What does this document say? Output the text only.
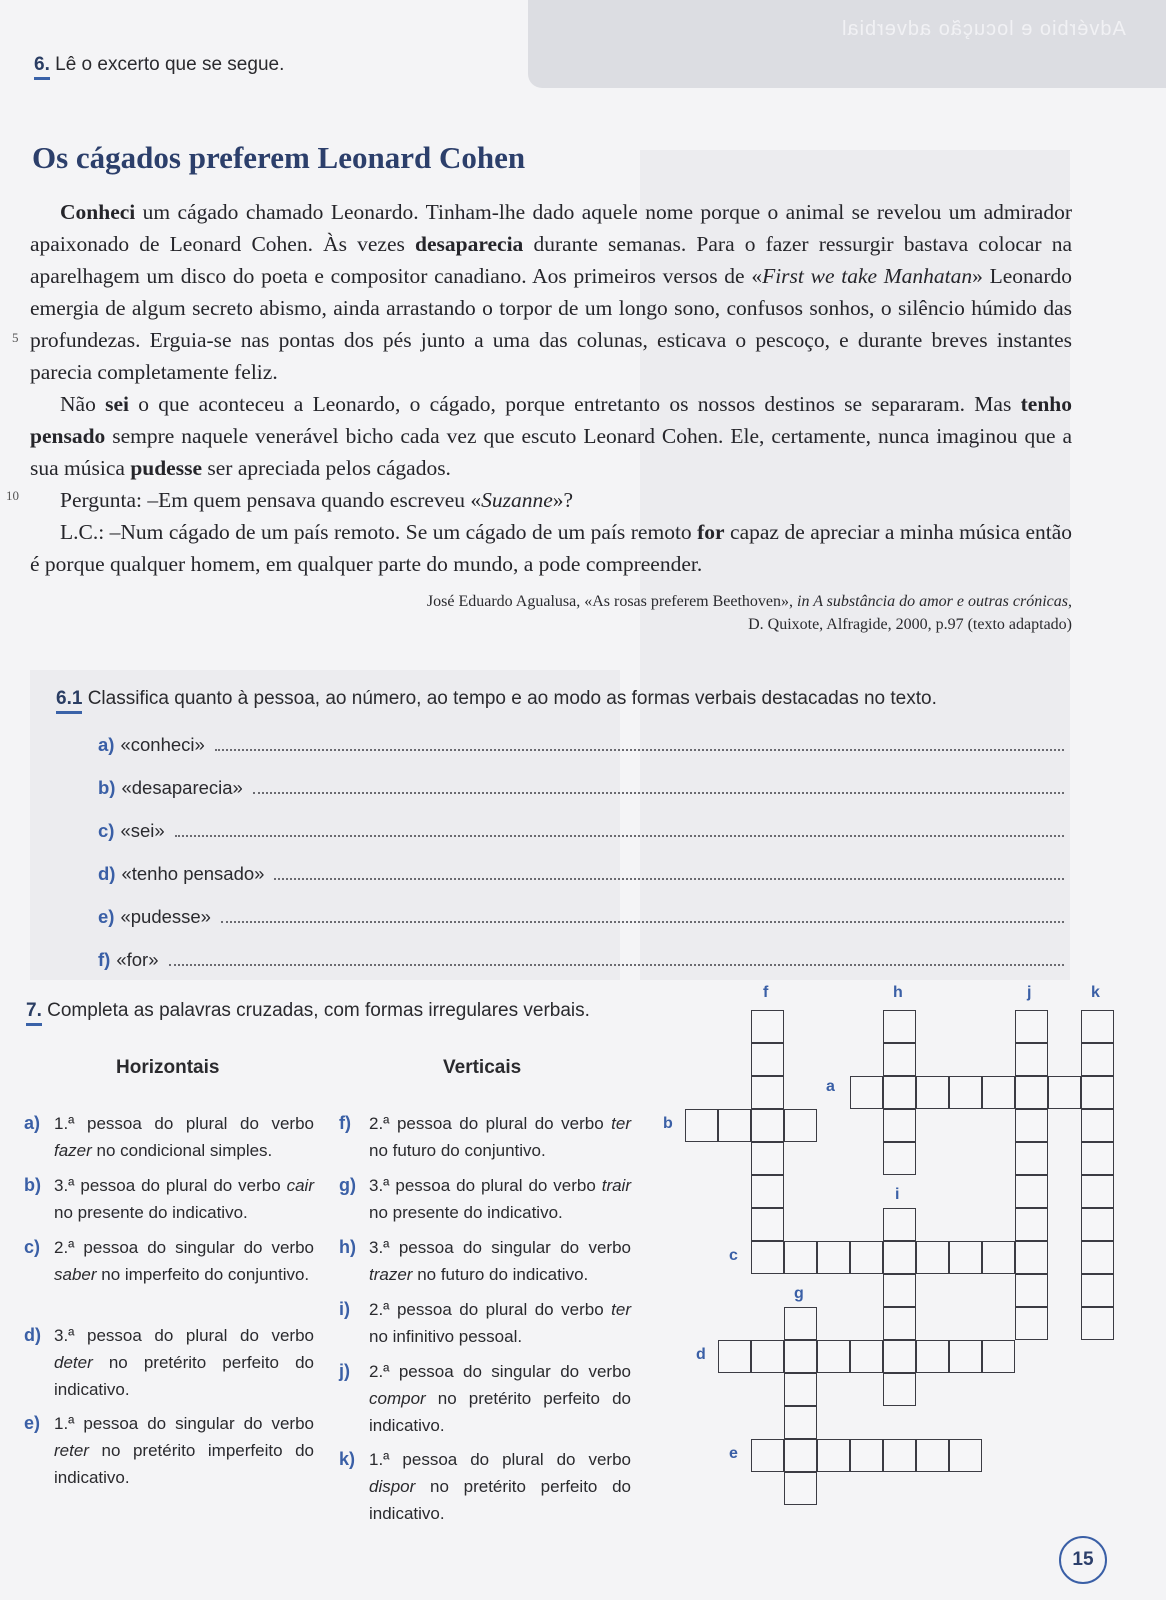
Advérbio e locução adverbial
6. Lê o excerto que se segue.
Os cágados preferem Leonard Cohen

Conheci um cágado chamado Leonardo. Tinham-lhe dado aquele nome porque o animal se revelou um admirador apaixonado de Leonard Cohen. Às vezes desaparecia durante semanas. Para o fazer ressurgir bastava colocar na aparelhagem um disco do poeta e compositor canadiano. Aos primeiros versos de «First we take Manhatan» Leonardo emergia de algum secreto abismo, ainda arrastando o torpor de um longo sono, confusos sonhos, o silêncio húmido das profundezas. Erguia-se nas pontas dos pés junto a uma das colunas, esticava o pescoço, e durante breves instantes parecia completamente feliz.

Não sei o que aconteceu a Leonardo, o cágado, porque entretanto os nossos destinos se separaram. Mas tenho pensado sempre naquele venerável bicho cada vez que escuto Leonard Cohen. Ele, certamente, nunca imaginou que a sua música pudesse ser apreciada pelos cágados.

Pergunta: –Em quem pensava quando escreveu «Suzanne»?

L.C.: –Num cágado de um país remoto. Se um cágado de um país remoto for capaz de apreciar a minha música então é porque qualquer homem, em qualquer parte do mundo, a pode compreender.

5
10
José Eduardo Agualusa, «As rosas preferem Beethoven», in A substância do amor e outras crónicas,
D. Quixote, Alfragide, 2000, p.97 (texto adaptado)
6.1 Classifica quanto à pessoa, ao número, ao tempo e ao modo as formas verbais destacadas no texto.
a) «conheci»
b) «desaparecia»
c) «sei»
d) «tenho pensado»
e) «pudesse»
f) «for»
7. Completa as palavras cruzadas, com formas irregulares verbais.
Horizontais	Verticais
a) 1.ª pessoa do plural do verbo fazer no condicional simples.
b) 3.ª pessoa do plural do verbo cair no presente do indicativo.
c) 2.ª pessoa do singular do verbo saber no imperfeito do conjuntivo.
d) 3.ª pessoa do plural do verbo deter no pretérito perfeito do indicativo.
e) 1.ª pessoa do singular do verbo reter no pretérito imperfeito do indicativo.
f) 2.ª pessoa do plural do verbo ter no futuro do conjuntivo.
g) 3.ª pessoa do plural do verbo trair no presente do indicativo.
h) 3.ª pessoa do singular do verbo trazer no futuro do indicativo.
i) 2.ª pessoa do plural do verbo ter no infinitivo pessoal.
j) 2.ª pessoa do singular do verbo compor no pretérito perfeito do indicativo.
k) 1.ª pessoa do plural do verbo dispor no pretérito perfeito do indicativo.
a
b
c
d
e
f
g
h
i
j	k
15
